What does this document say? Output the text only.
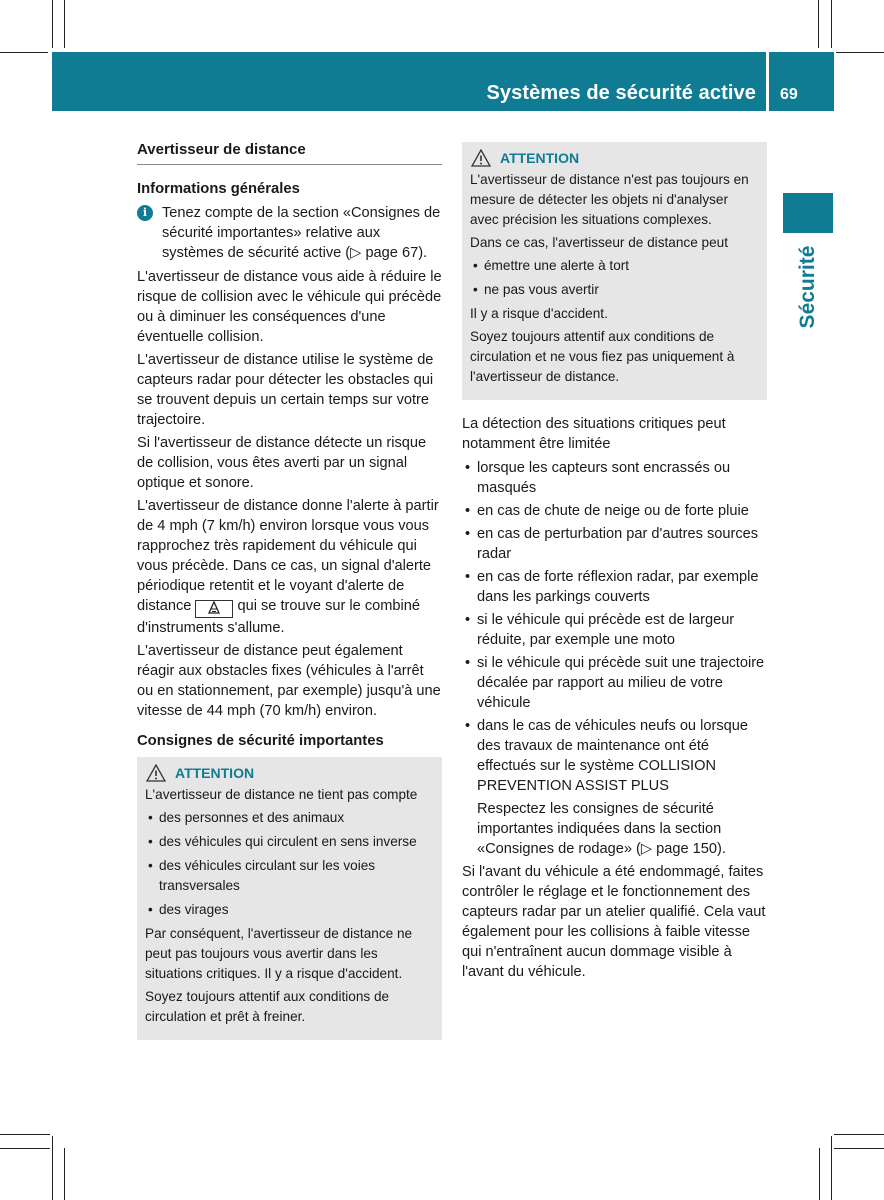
Systèmes de sécurité active 69
Sécurité
Avertisseur de distance
Informations générales
i	Tenez compte de la section «Consignes de sécurité importantes» relative aux systèmes de sécurité active (▷ page 67).
L'avertisseur de distance vous aide à réduire le risque de collision avec le véhicule qui précède ou à diminuer les conséquences d'une éventuelle collision.
L'avertisseur de distance utilise le système de capteurs radar pour détecter les obstacles qui se trouvent depuis un certain temps sur votre trajectoire.
Si l'avertisseur de distance détecte un risque de collision, vous êtes averti par un signal optique et sonore.
L'avertisseur de distance donne l'alerte à partir de 4 mph (7 km/h) environ lorsque vous vous rapprochez très rapidement du véhicule qui vous précède. Dans ce cas, un signal d'alerte périodique retentit et le voyant d'alerte de distance	qui se trouve sur le combiné d'instruments s'allume.
L'avertisseur de distance peut également réagir aux obstacles fixes (véhicules à l'arrêt ou en stationnement, par exemple) jusqu'à une vitesse de 44 mph (70 km/h) environ.
Consignes de sécurité importantes
ATTENTION
L'avertisseur de distance ne tient pas compte
• des personnes et des animaux
• des véhicules qui circulent en sens inverse
• des véhicules circulant sur les voies transversales
• des virages
Par conséquent, l'avertisseur de distance ne peut pas toujours vous avertir dans les situations critiques. Il y a risque d'accident.
Soyez toujours attentif aux conditions de circulation et prêt à freiner.
ATTENTION
L'avertisseur de distance n'est pas toujours en mesure de détecter les objets ni d'analyser avec précision les situations complexes.
Dans ce cas, l'avertisseur de distance peut
• émettre une alerte à tort
• ne pas vous avertir
Il y a risque d'accident.
Soyez toujours attentif aux conditions de circulation et ne vous fiez pas uniquement à l'avertisseur de distance.
La détection des situations critiques peut notamment être limitée
• lorsque les capteurs sont encrassés ou masqués
• en cas de chute de neige ou de forte pluie
• en cas de perturbation par d'autres sources radar
• en cas de forte réflexion radar, par exemple dans les parkings couverts
• si le véhicule qui précède est de largeur réduite, par exemple une moto
• si le véhicule qui précède suit une trajectoire décalée par rapport au milieu de votre véhicule
• dans le cas de véhicules neufs ou lorsque des travaux de maintenance ont été effectués sur le système COLLISION PREVENTION ASSIST PLUS
Respectez les consignes de sécurité importantes indiquées dans la section «Consignes de rodage» (▷ page 150).
Si l'avant du véhicule a été endommagé, faites contrôler le réglage et le fonctionnement des capteurs radar par un atelier qualifié. Cela vaut également pour les collisions à faible vitesse qui n'entraînent aucun dommage visible à l'avant du véhicule.
